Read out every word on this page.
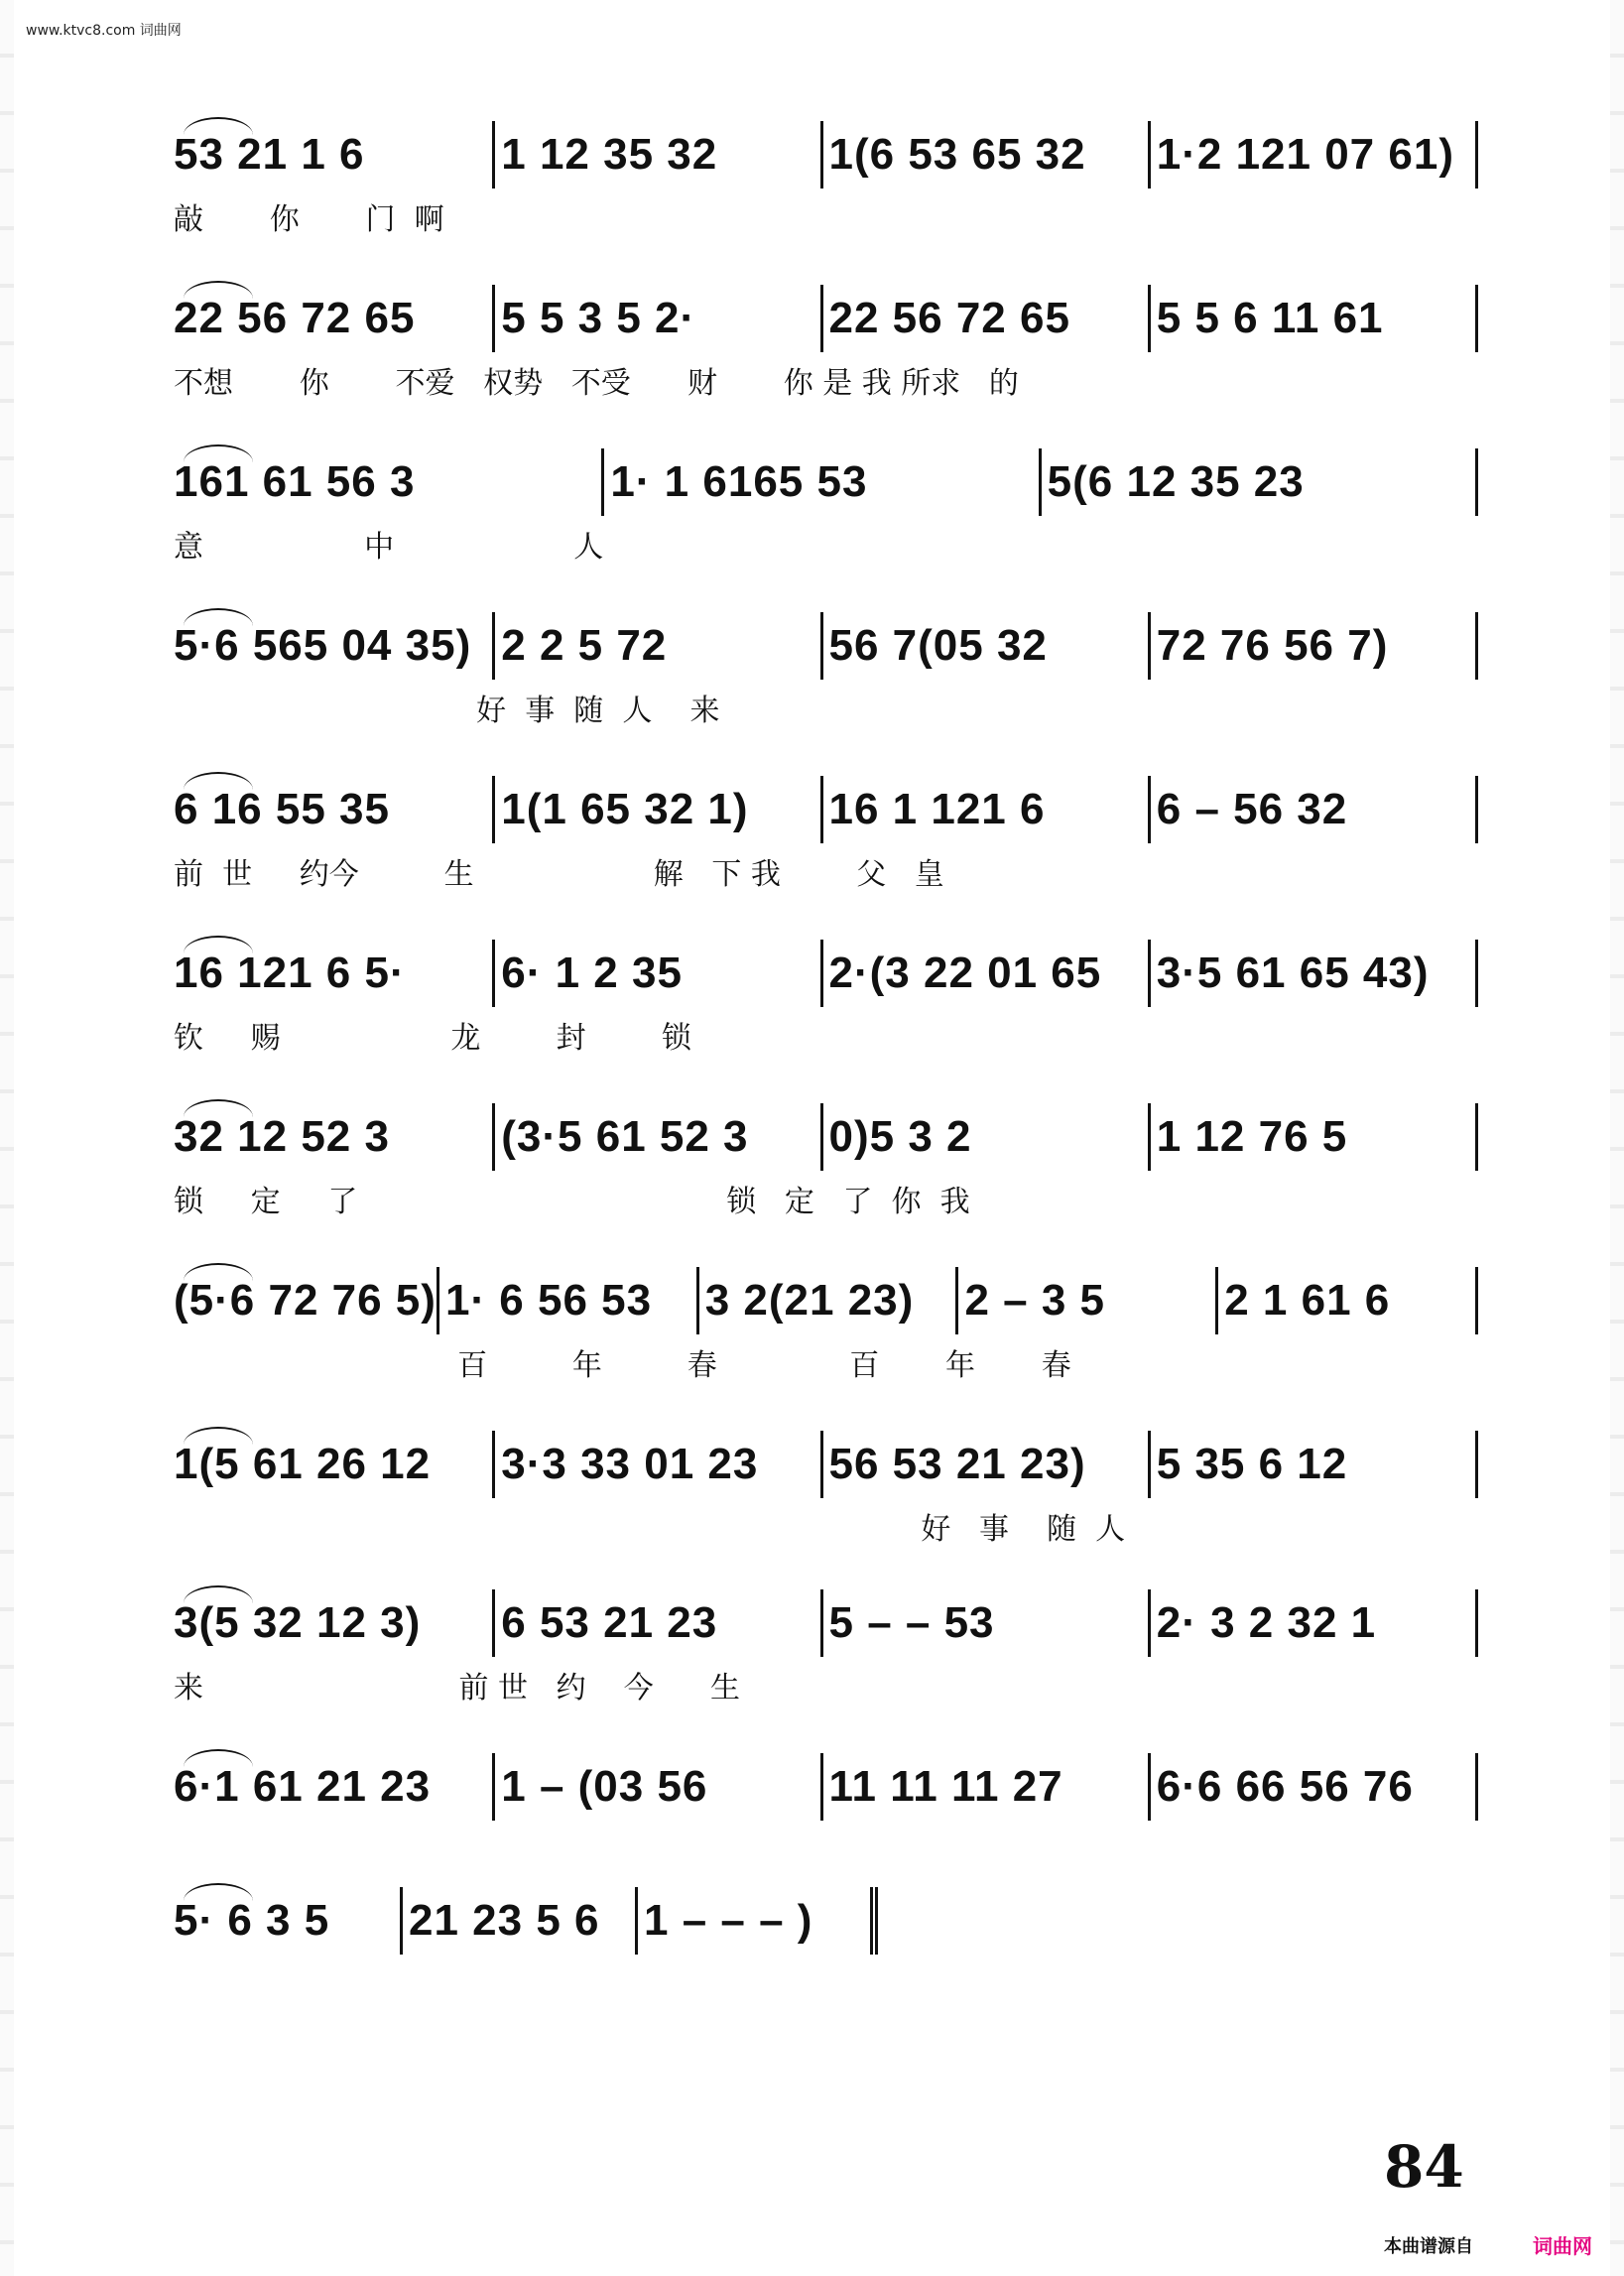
www.ktvc8.com 词曲网
53 21 1 6	1 12 35 32	1(6 53 65 32	1·2 121 07 61)
敲       你       门  啊
22 56 72 65	5 5 3 5 2·	22 56 72 65	5 5 6 11 61
不想       你       不爱   权势   不受      财       你 是 我 所求   的
161 61 56 3	1· 1 6165 53	5(6 12 35 23
意                 中                   人
5·6 565 04 35) 2 2 5 72	56 7(05 32	72 76 56 7)
好  事  随  人    来
6 16 55 35	1(1 65 32 1)	16 1 121 6	6 – 56 32
前  世     约今         生                   解   下 我        父   皇
16 121 6 5·	6· 1 2 35	2·(3 22 01 65	3·5 61 65 43)
钦     赐                  龙        封        锁
32 12 52 3	(3·5 61 52 3	0)5 3 2	1 12 76 5
锁     定     了                                       锁   定   了  你  我
(5·6 72 76 5) 1· 6 56 53	3 2(21 23)	2 – 3 5	2 1 61 6
百         年         春              百       年       春
1(5 61 26 12	3·3 33 01 23	56 53 21 23)	5 35 6 12
好   事    随  人
3(5 32 12 3)	6 53 21 23	5 – – 53	2· 3 2 32 1
来                           前 世   约    今      生
6·1 61 21 23	1 – (03 56	11 11 11 27	6·6 66 56 76
5· 6 3 5	21 23 5 6	1 – – – )
84
本曲谱源自	词曲网
